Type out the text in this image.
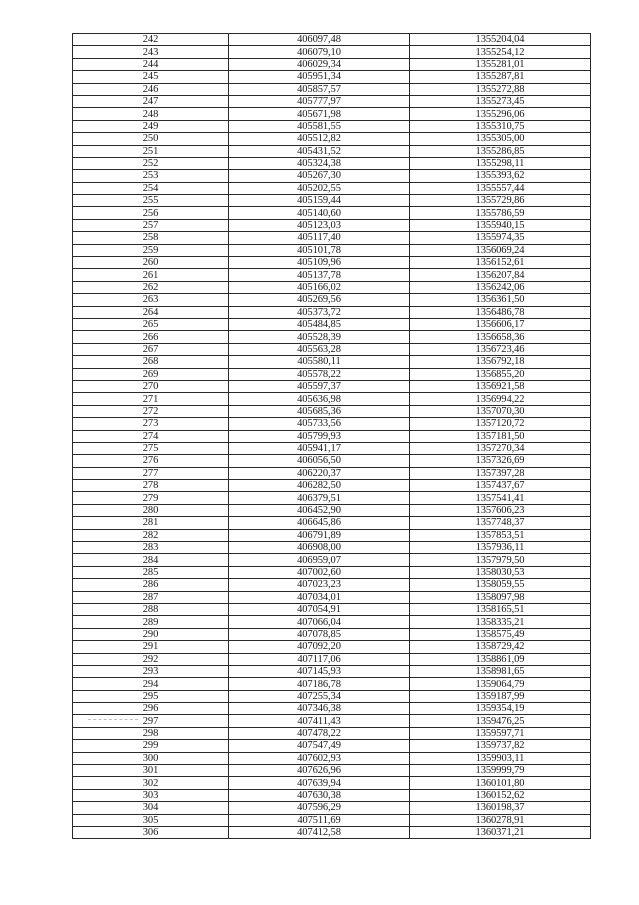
242	406097,48	1355204,04
243	406079,10	1355254,12
244	406029,34	1355281,01
245	405951,34	1355287,81
246	405857,57	1355272,88
247	405777,97	1355273,45
248	405671,98	1355296,06
249	405581,55	1355310,75
250	405512,82	1355305,00
251	405431,52	1355286,85
252	405324,38	1355298,11
253	405267,30	1355393,62
254	405202,55	1355557,44
255	405159,44	1355729,86
256	405140,60	1355786,59
257	405123,03	1355940,15
258	405117,40	1355974,35
259	405101,78	1356069,24
260	405109,96	1356152,61
261	405137,78	1356207,84
262	405166,02	1356242,06
263	405269,56	1356361,50
264	405373,72	1356486,78
265	405484,85	1356606,17
266	405528,39	1356658,36
267	405563,28	1356723,46
268	405580,11	1356792,18
269	405578,22	1356855,20
270	405597,37	1356921,58
271	405636,98	1356994,22
272	405685,36	1357070,30
273	405733,56	1357120,72
274	405799,93	1357181,50
275	405941,17	1357270,34
276	406056,50	1357326,69
277	406220,37	1357397,28
278	406282,50	1357437,67
279	406379,51	1357541,41
280	406452,90	1357606,23
281	406645,86	1357748,37
282	406791,89	1357853,51
283	406908,00	1357936,11
284	406959,07	1357979,50
285	407002,60	1358030,53
286	407023,23	1358059,55
287	407034,01	1358097,98
288	407054,91	1358165,51
289	407066,04	1358335,21
290	407078,85	1358575,49
291	407092,20	1358729,42
292	407117,06	1358861,09
293	407145,93	1358981,65
294	407186,78	1359064,79
295	407255,34	1359187,99
296	407346,38	1359354,19
297	407411,43	1359476,25
298	407478,22	1359597,71
299	407547,49	1359737,82
300	407602,93	1359903,11
301	407626,96	1359999,79
302	407639,94	1360101,80
303	407630,38	1360152,62
304	407596,29	1360198,37
305	407511,69	1360278,91
306	407412,58	1360371,21
